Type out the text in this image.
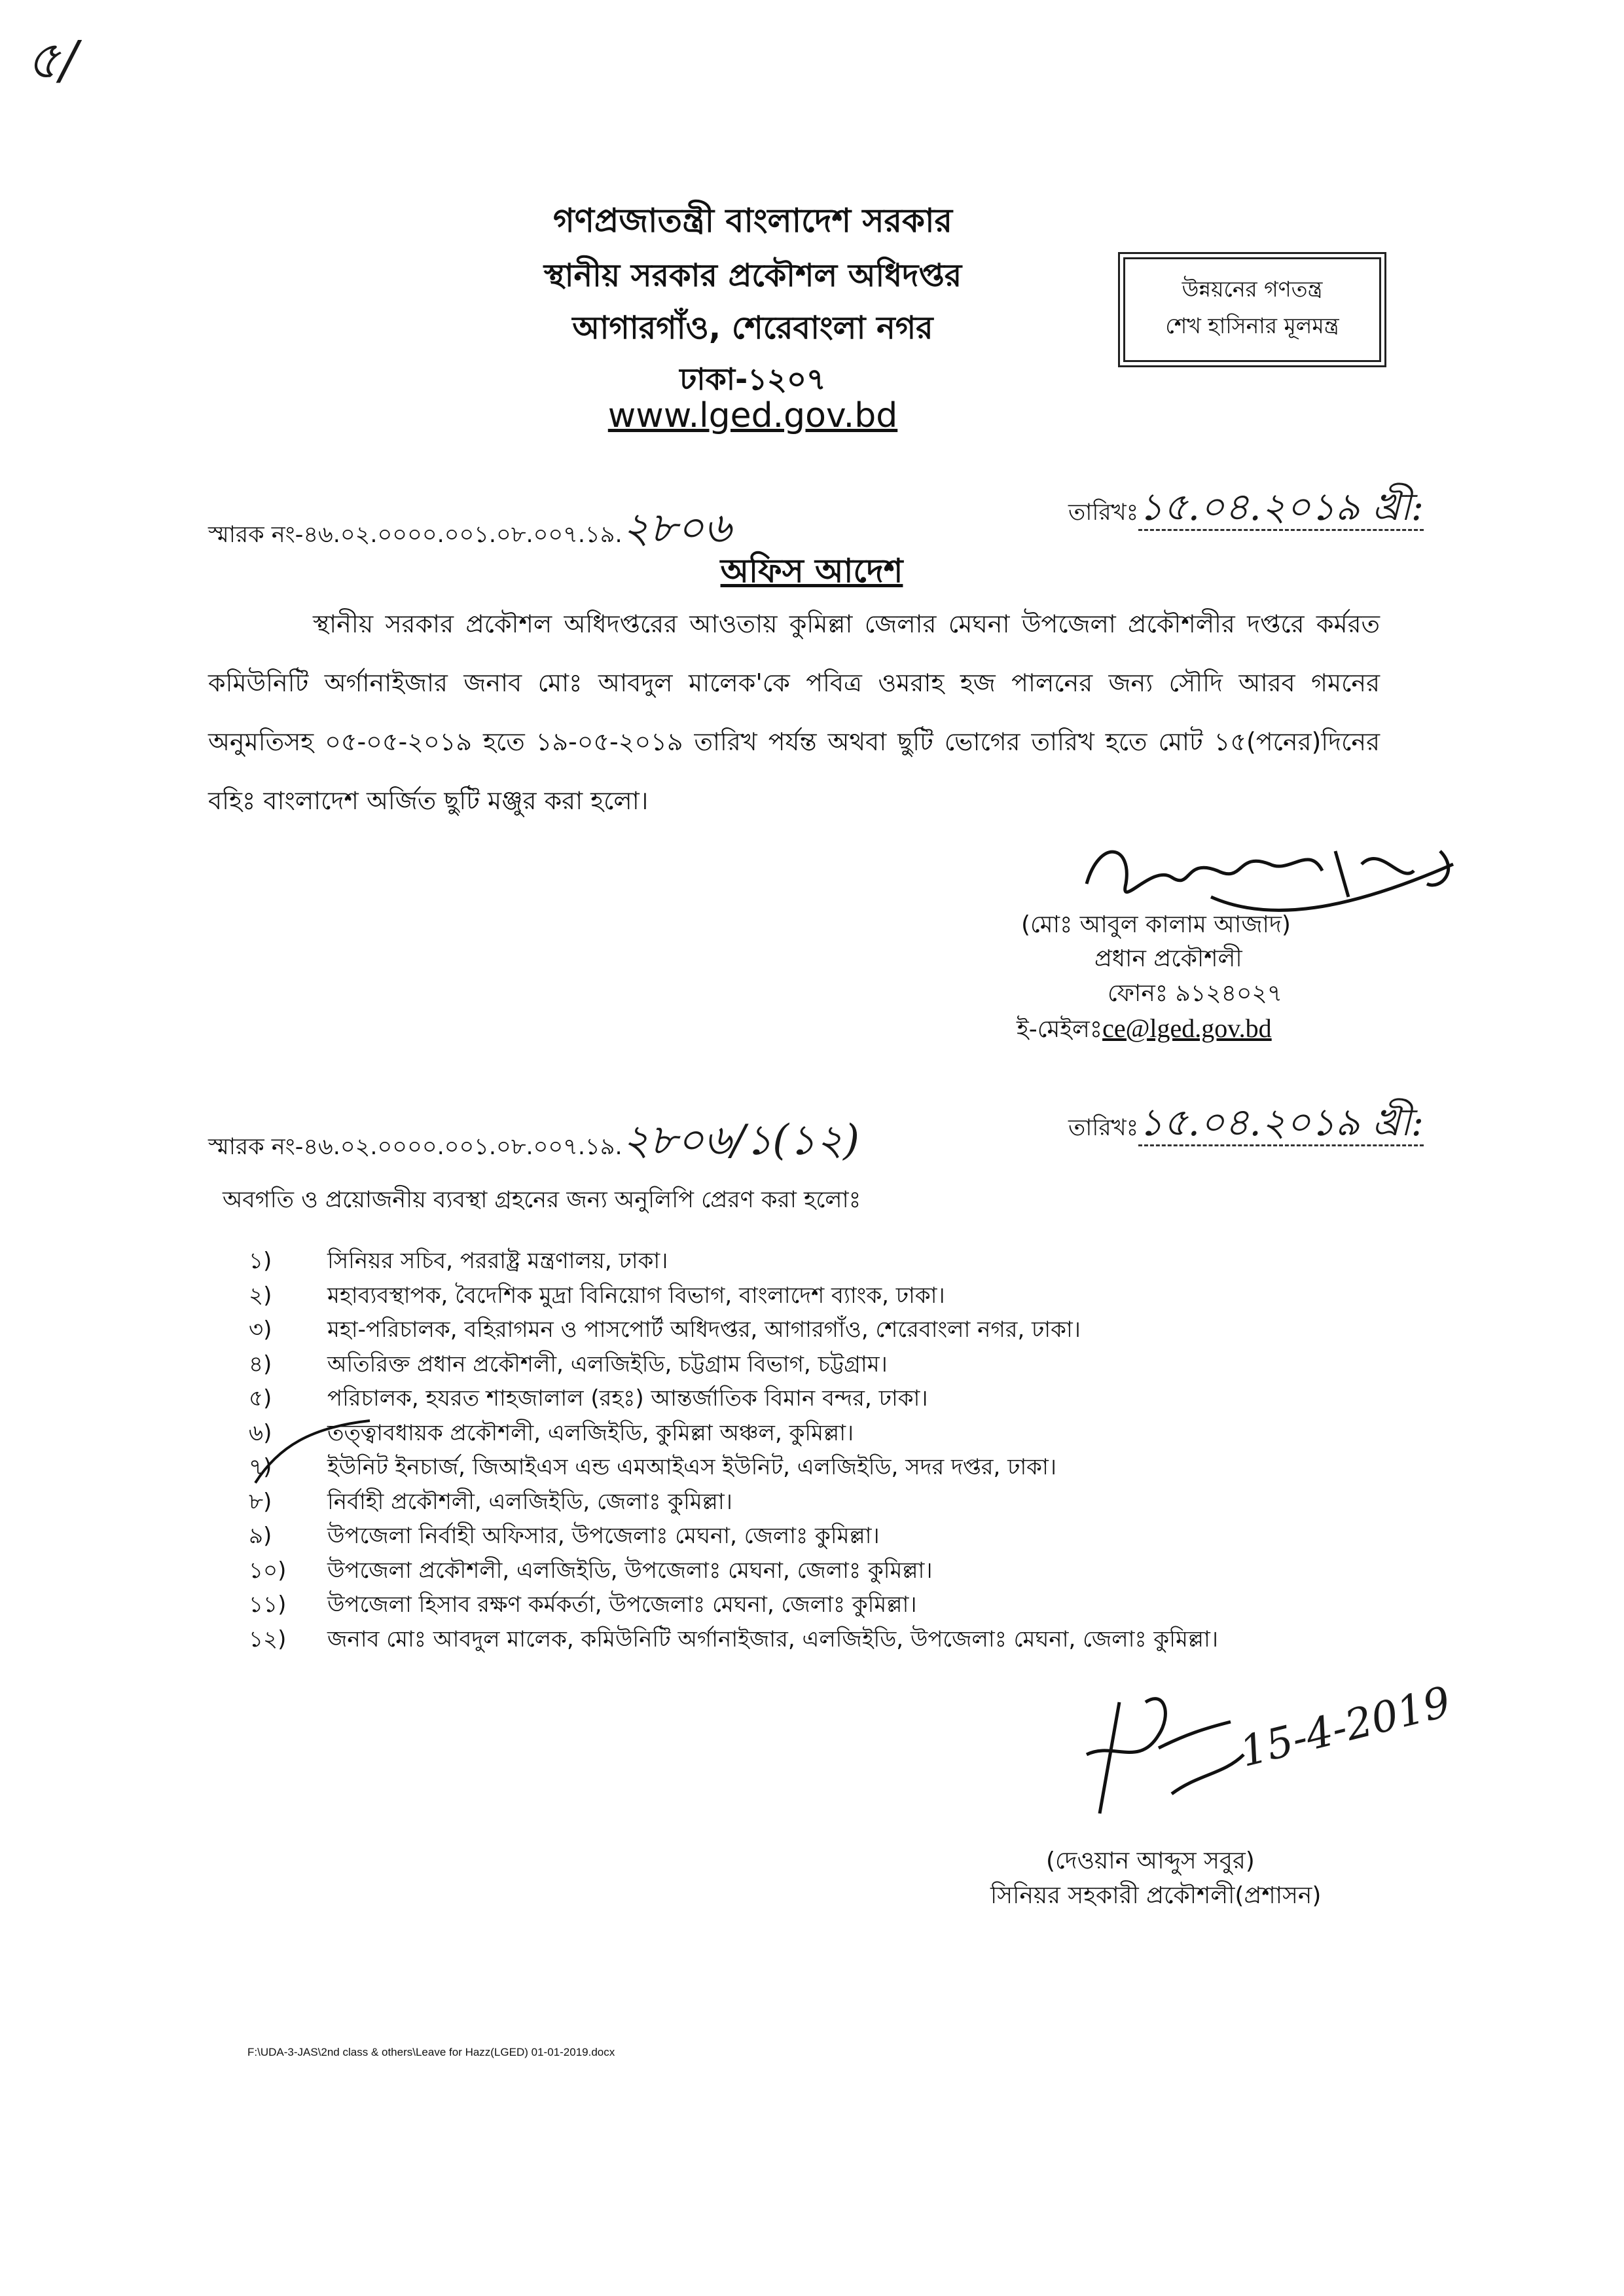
৫/
গণপ্রজাতন্ত্রী বাংলাদেশ সরকার
স্থানীয় সরকার প্রকৌশল অধিদপ্তর
আগারগাঁও, শেরেবাংলা নগর
ঢাকা-১২০৭
www.lged.gov.bd
উন্নয়নের গণতন্ত্র
শেখ হাসিনার মূলমন্ত্র
স্মারক নং-৪৬.০২.০০০০.০০১.০৮.০০৭.১৯.২৮০৬	তারিখঃ১৫.০৪.২০১৯ খ্রী:
অফিস আদেশ
স্থানীয় সরকার প্রকৌশল অধিদপ্তরের আওতায় কুমিল্লা জেলার মেঘনা উপজেলা প্রকৌশলীর দপ্তরে কর্মরত কমিউনিটি অর্গানাইজার জনাব মোঃ আবদুল মালেক'কে পবিত্র ওমরাহ হজ পালনের জন্য সৌদি আরব গমনের অনুমতিসহ ০৫-০৫-২০১৯ হতে ১৯-০৫-২০১৯ তারিখ পর্যন্ত অথবা ছুটি ভোগের তারিখ হতে মোট ১৫(পনের)দিনের বহিঃ বাংলাদেশ অর্জিত ছুটি মঞ্জুর করা হলো।
(মোঃ আবুল কালাম আজাদ)
প্রধান প্রকৌশলী
ফোনঃ ৯১২৪০২৭
ই-মেইলঃce@lged.gov.bd
স্মারক নং-৪৬.০২.০০০০.০০১.০৮.০০৭.১৯.২৮০৬/১(১২)	তারিখঃ১৫.০৪.২০১৯ খ্রী:
অবগতি ও প্রয়োজনীয় ব্যবস্থা গ্রহনের জন্য অনুলিপি প্রেরণ করা হলোঃ
১)	সিনিয়র সচিব, পররাষ্ট্র মন্ত্রণালয়, ঢাকা।
২)	মহাব্যবস্থাপক, বৈদেশিক মুদ্রা বিনিয়োগ বিভাগ, বাংলাদেশ ব্যাংক, ঢাকা।
৩)	মহা-পরিচালক, বহিরাগমন ও পাসপোর্ট অধিদপ্তর, আগারগাঁও, শেরেবাংলা নগর, ঢাকা।
৪)	অতিরিক্ত প্রধান প্রকৌশলী, এলজিইডি, চট্টগ্রাম বিভাগ, চট্টগ্রাম।
৫)	পরিচালক, হযরত শাহজালাল (রহঃ) আন্তর্জাতিক বিমান বন্দর, ঢাকা।
৬)	তত্ত্বাবধায়ক প্রকৌশলী, এলজিইডি, কুমিল্লা অঞ্চল, কুমিল্লা।
৭)	ইউনিট ইনচার্জ, জিআইএস এন্ড এমআইএস ইউনিট, এলজিইডি, সদর দপ্তর, ঢাকা।
৮)	নির্বাহী প্রকৌশলী, এলজিইডি, জেলাঃ কুমিল্লা।
৯)	উপজেলা নির্বাহী অফিসার, উপজেলাঃ মেঘনা, জেলাঃ কুমিল্লা।
১০)	উপজেলা প্রকৌশলী, এলজিইডি, উপজেলাঃ মেঘনা, জেলাঃ কুমিল্লা।
১১)	উপজেলা হিসাব রক্ষণ কর্মকর্তা, উপজেলাঃ মেঘনা, জেলাঃ কুমিল্লা।
১২)	জনাব মোঃ আবদুল মালেক, কমিউনিটি অর্গানাইজার, এলজিইডি, উপজেলাঃ মেঘনা, জেলাঃ কুমিল্লা।
15-4-2019
(দেওয়ান আব্দুস সবুর)
সিনিয়র সহকারী প্রকৌশলী(প্রশাসন)
F:\UDA-3-JAS\2nd class & others\Leave for Hazz(LGED) 01-01-2019.docx
